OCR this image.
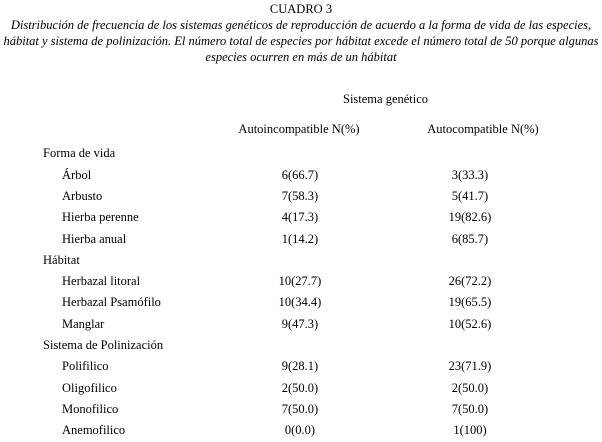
CUADRO 3
Distribución de frecuencia de los sistemas genéticos de reproducción de acuerdo a la forma de vida de las especies, hábitat y sistema de polinización. El número total de especies por hábitat excede el número total de 50 porque algunas especies ocurren en más de un hábitat
Sistema genético
Autoincompatible N(%)	Autocompatible N(%)
Forma de vida
Árbol	6(66.7)	3(33.3)
Arbusto	7(58.3)	5(41.7)
Hierba perenne	4(17.3)	19(82.6)
Hierba anual	1(14.2)	6(85.7)
Hábitat
Herbazal litoral	10(27.7)	26(72.2)
Herbazal Psamófilo	10(34.4)	19(65.5)
Manglar	9(47.3)	10(52.6)
Sistema de Polinización
Polifilico	9(28.1)	23(71.9)
Oligofilico	2(50.0)	2(50.0)
Monofilico	7(50.0)	7(50.0)
Anemofilico	0(0.0)	1(100)
